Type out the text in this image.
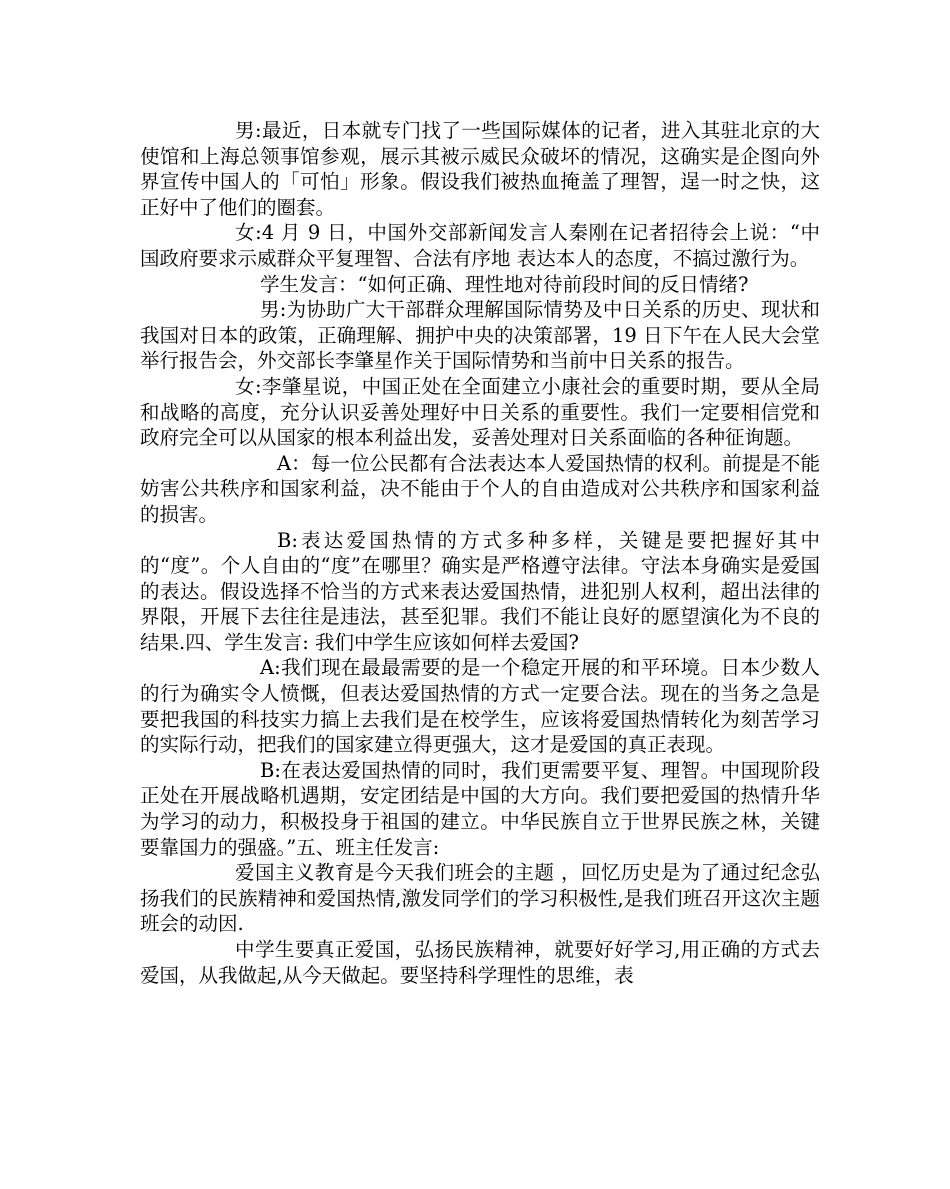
男:最近，日本就专门找了一些国际媒体的记者，进入其驻北京的大使馆和上海总领事馆参观，展示其被示威民众破坏的情况，这确实是企图向外界宣传中国人的「可怕」形象。假设我们被热血掩盖了理智，逞一时之快，这正好中了他们的圈套。

女:4 月 9 日，中国外交部新闻发言人秦刚在记者招待会上说：“中国政府要求示威群众平复理智、合法有序地 表达本人的态度，不搞过激行为。

学生发言：“如何正确、理性地对待前段时间的反日情绪?

男:为协助广大干部群众理解国际情势及中日关系的历史、现状和我国对日本的政策，正确理解、拥护中央的决策部署，19 日下午在人民大会堂举行报告会，外交部长李肇星作关于国际情势和当前中日关系的报告。

女:李肇星说，中国正处在全面建立小康社会的重要时期，要从全局和战略的高度，充分认识妥善处理好中日关系的重要性。我们一定要相信党和政府完全可以从国家的根本利益出发，妥善处理对日关系面临的各种征询题。

A：每一位公民都有合法表达本人爱国热情的权利。前提是不能妨害公共秩序和国家利益，决不能由于个人的自由造成对公共秩序和国家利益的损害。

B:表达爱国热情的方式多种多样，关键是要把握好其中的“度”。个人自由的“度”在哪里？确实是严格遵守法律。守法本身确实是爱国的表达。假设选择不恰当的方式来表达爱国热情，进犯别人权利，超出法律的界限，开展下去往往是违法，甚至犯罪。我们不能让良好的愿望演化为不良的结果.四、学生发言: 我们中学生应该如何样去爱国?

A:我们现在最最需要的是一个稳定开展的和平环境。日本少数人的行为确实令人愤慨，但表达爱国热情的方式一定要合法。现在的当务之急是要把我国的科技实力搞上去我们是在校学生，应该将爱国热情转化为刻苦学习的实际行动，把我们的国家建立得更强大，这才是爱国的真正表现。

B:在表达爱国热情的同时，我们更需要平复、理智。中国现阶段正处在开展战略机遇期，安定团结是中国的大方向。我们要把爱国的热情升华为学习的动力，积极投身于祖国的建立。中华民族自立于世界民族之林，关键要靠国力的强盛。”五、班主任发言:

爱国主义教育是今天我们班会的主题 ，回忆历史是为了通过纪念弘扬我们的民族精神和爱国热情,激发同学们的学习积极性,是我们班召开这次主题班会的动因.

中学生要真正爱国，弘扬民族精神，就要好好学习,用正确的方式去爱国，从我做起,从今天做起。要坚持科学理性的思维，表
